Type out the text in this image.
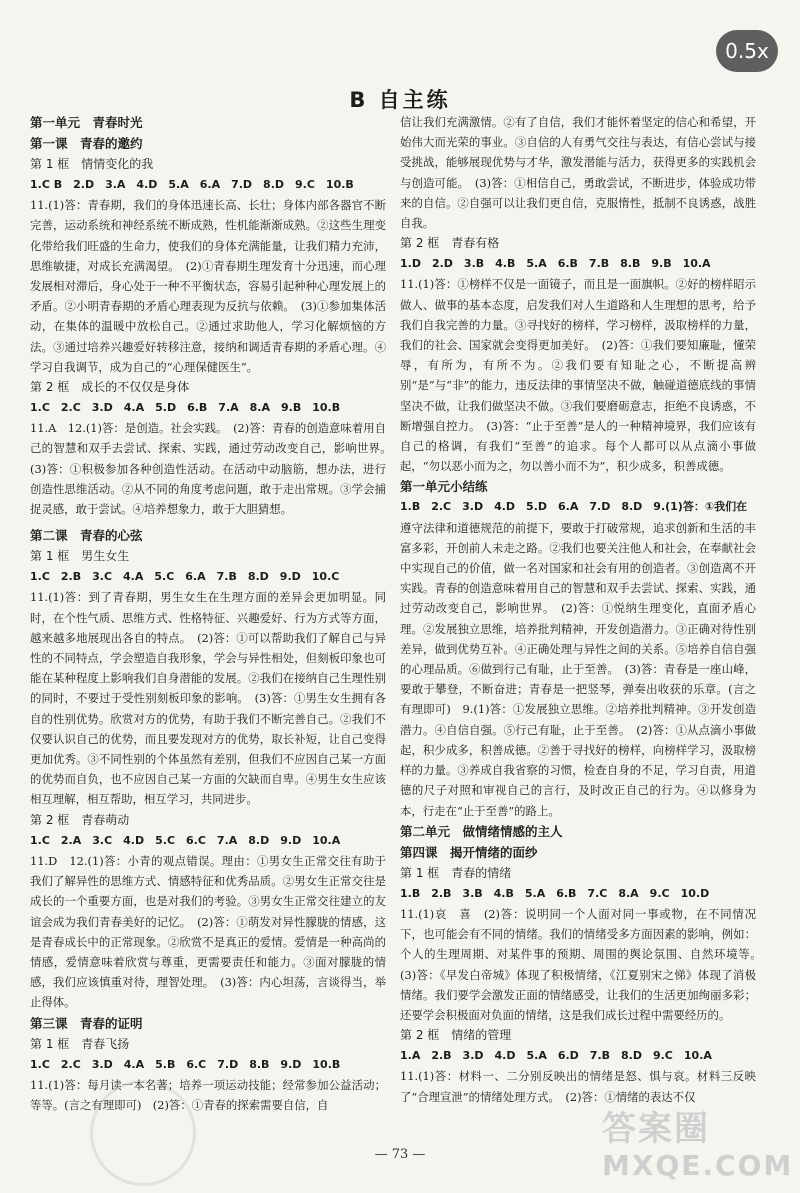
0.5x
B 自主练

第一单元　青春时光

第一课　青春的邀约

第 1 框　情情变化的我

1.C B　2.D　3.A　4.D　5.A　6.A　7.D　8.D　9.C　10.B

11.(1)答：青春期，我们的身体迅速长高、长壮；身体内部各器官不断完善，运动系统和神经系统不断成熟，性机能渐渐成熟。②这些生理变化带给我们旺盛的生命力，使我们的身体充满能量，让我们精力充沛，思维敏捷，对成长充满渴望。　(2)①青春期生理发育十分迅速，而心理发展相对滞后，身心处于一种不平衡状态，容易引起种种心理发展上的矛盾。②小明青春期的矛盾心理表现为反抗与依赖。　(3)①参加集体活动，在集体的温暖中放松自己。②通过求助他人，学习化解烦恼的方法。③通过培养兴趣爱好转移注意，接纳和调适青春期的矛盾心理。④学习自我调节，成为自己的“心理保健医生”。

第 2 框　成长的不仅仅是身体

1.C　2.C　3.D　4.A　5.D　6.B　7.A　8.A　9.B　10.B

11.A　12.(1)答：是创造。社会实践。　(2)答：青春的创造意味着用自己的智慧和双手去尝试、探索、实践，通过劳动改变自己，影响世界。　(3)答：①积极参加各种创造性活动。在活动中动脑筋，想办法，进行创造性思维活动。②从不同的角度考虑问题，敢于走出常规。③学会捕捉灵感，敢于尝试。④培养想象力，敢于大胆猜想。

第二课　青春的心弦

第 1 框　男生女生

1.C　2.B　3.C　4.A　5.C　6.A　7.B　8.D　9.D　10.C

11.(1)答：到了青春期，男生女生在生理方面的差异会更加明显。同时，在个性气质、思维方式、性格特征、兴趣爱好、行为方式等方面，越来越多地展现出各自的特点。　(2)答：①可以帮助我们了解自己与异性的不同特点，学会塑造自我形象，学会与异性相处，但刻板印象也可能在某种程度上影响我们自身潜能的发展。②我们在接纳自己生理性别的同时，不要过于受性别刻板印象的影响。　(3)答：①男生女生拥有各自的性别优势。欣赏对方的优势，有助于我们不断完善自己。②我们不仅要认识自己的优势，而且要发现对方的优势，取长补短，让自己变得更加优秀。③不同性别的个体虽然有差别，但我们不应因自己某一方面的优势而自负，也不应因自己某一方面的欠缺而自卑。④男生女生应该相互理解，相互帮助，相互学习，共同进步。

第 2 框　青春萌动

1.C　2.A　3.C　4.D　5.C　6.C　7.A　8.D　9.D　10.A

11.D　12.(1)答：小青的观点错误。理由：①男女生正常交往有助于我们了解异性的思维方式、情感特征和优秀品质。②男女生正常交往是成长的一个重要方面，也是对我们的考验。③男女生正常交往建立的友谊会成为我们青春美好的记忆。　(2)答：①萌发对异性朦胧的情感，这是青春成长中的正常现象。②欣赏不是真正的爱情。爱情是一种高尚的情感，爱情意味着欣赏与尊重，更需要责任和能力。③面对朦胧的情感，我们应该慎重对待，理智处理。　(3)答：内心坦荡，言谈得当，举止得体。

第三课　青春的证明

第 1 框　青春飞扬

1.C　2.C　3.D　4.A　5.B　6.C　7.D　8.B　9.D　10.B

11.(1)答：每月读一本名著；培养一项运动技能；经常参加公益活动；等等。(言之有理即可)　(2)答：①青春的探索需要自信，自

信让我们充满激情。②有了自信，我们才能怀着坚定的信心和希望，开始伟大而光荣的事业。③自信的人有勇气交往与表达，有信心尝试与接受挑战，能够展现优势与才华，激发潜能与活力，获得更多的实践机会与创造可能。　(3)答：①相信自己，勇敢尝试，不断进步，体验成功带来的自信。②自强可以让我们更自信，克服惰性，抵制不良诱惑，战胜自我。

第 2 框　青春有格

1.D　2.D　3.B　4.B　5.A　6.B　7.B　8.B　9.B　10.A

11.(1)答：①榜样不仅是一面镜子，而且是一面旗帜。②好的榜样昭示做人、做事的基本态度，启发我们对人生道路和人生理想的思考，给予我们自我完善的力量。③寻找好的榜样，学习榜样，汲取榜样的力量，我们的社会、国家就会变得更加美好。　(2)答：①我们要知廉耻，懂荣辱，有所为，有所不为。②我们要有知耻之心，不断提高辨别“是”与“非”的能力，违反法律的事情坚决不做，触碰道德底线的事情坚决不做，让我们做坚决不做。③我们要磨砺意志，拒绝不良诱惑，不断增强自控力。　(3)答：“止于至善”是人的一种精神境界，我们应该有自己的格调，有我们“至善”的追求。每个人都可以从点滴小事做起，“勿以恶小而为之，勿以善小而不为”，积少成多，积善成德。

第一单元小结练

1.B　2.C　3.D　4.D　5.D　6.A　7.D　8.D　9.(1)答：①我们在

遵守法律和道德规范的前提下，要敢于打破常规，追求创新和生活的丰富多彩，开创前人未走之路。②我们也要关注他人和社会，在奉献社会中实现自己的价值，做一名对国家和社会有用的创造者。③创造离不开实践。青春的创造意味着用自己的智慧和双手去尝试、探索、实践，通过劳动改变自己，影响世界。　(2)答：①悦纳生理变化，直面矛盾心理。②发展独立思维，培养批判精神，开发创造潜力。③正确对待性别差异，做到优势互补。④正确处理与异性之间的关系。⑤培养自信自强的心理品质。⑥做到行己有耻，止于至善。　(3)答：青春是一座山峰，要敢于攀登，不断奋进；青春是一把竖琴，弹奏出收获的乐章。(言之有理即可)　9.(1)答：①发展独立思维。②培养批判精神。③开发创造潜力。④自信自强。⑤行己有耻，止于至善。　(2)答：①从点滴小事做起，积少成多，积善成德。②善于寻找好的榜样，向榜样学习，汲取榜样的力量。③养成自我省察的习惯，检查自身的不足，学习自责，用道德的尺子对照和审视自己的言行，及时改正自己的行为。④以修身为本，行走在“止于至善”的路上。

第二单元　做情绪情感的主人

第四课　揭开情绪的面纱

第 1 框　青春的情绪

1.B　2.B　3.B　4.B　5.A　6.B　7.C　8.A　9.C　10.D

11.(1)哀　喜　(2)答：说明同一个人面对同一事或物，在不同情况下，也可能会有不同的情绪。我们的情绪受多方面因素的影响，例如：个人的生理周期、对某件事的预期、周围的舆论氛围、自然环境等。　(3)答：《早发白帝城》体现了积极情绪，《江夏别宋之悌》体现了消极情绪。我们要学会激发正面的情绪感受，让我们的生活更加绚丽多彩；还要学会积极面对负面的情绪，这是我们成长过程中需要经历的。

第 2 框　情绪的管理

1.A　2.B　3.D　4.D　5.A　6.D　7.B　8.D　9.C　10.A

11.(1)答：材料一、二分别反映出的情绪是怒、惧与哀。材料三反映了“合理宣泄”的情绪处理方式。　(2)答：①情绪的表达不仅

— 73 —
答案圈
MXQE.COM
